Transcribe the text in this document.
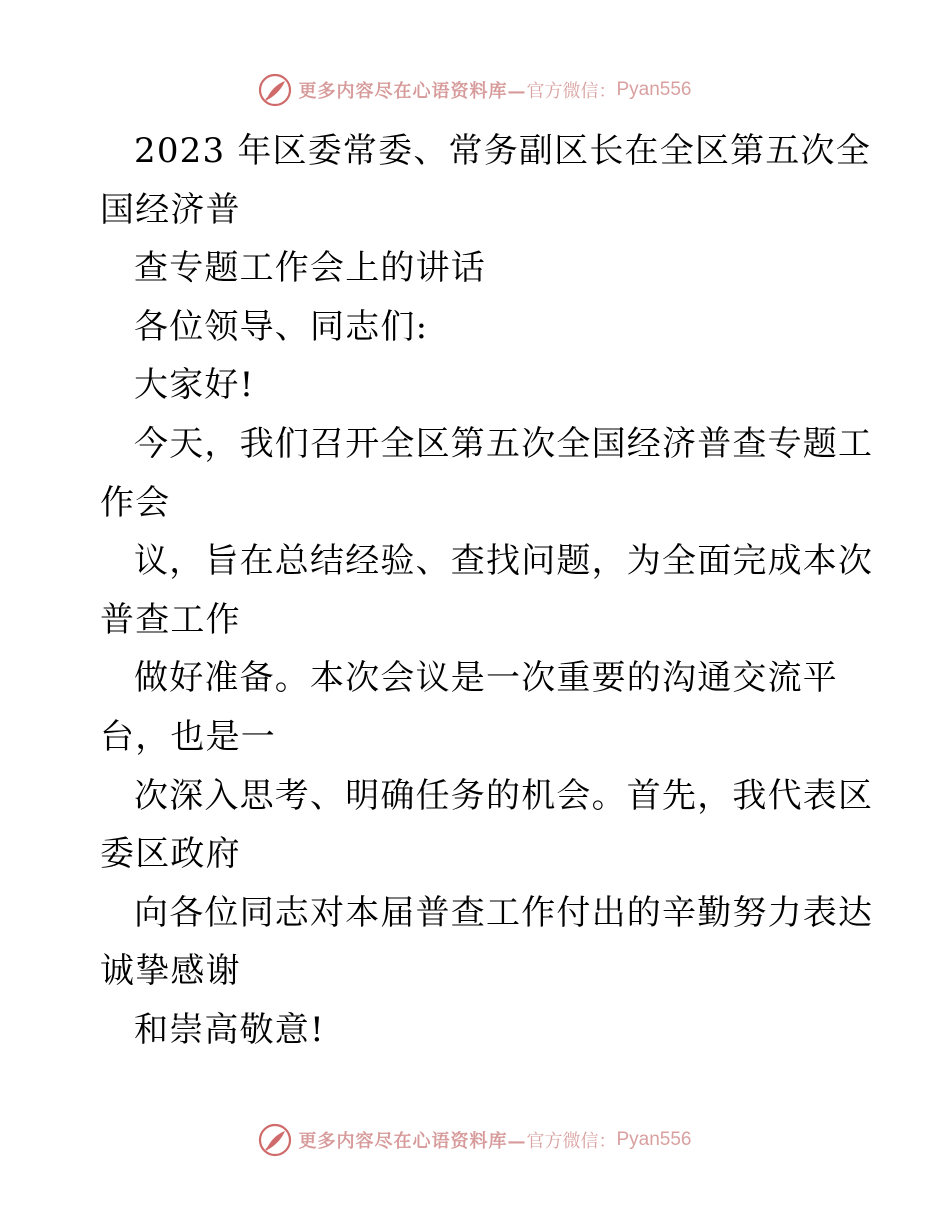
更多内容尽在心语资料库— 官方微信： Pyan556
2023 年区委常委、常务副区长在全区第五次全
国经济普
查专题工作会上的讲话
各位领导、同志们:
大家好!
今天，我们召开全区第五次全国经济普查专题工
作会
议，旨在总结经验、查找问题，为全面完成本次
普查工作
做好准备。本次会议是一次重要的沟通交流平
台，也是一
次深入思考、明确任务的机会。首先，我代表区
委区政府
向各位同志对本届普查工作付出的辛勤努力表达
诚挚感谢
和崇高敬意!
更多内容尽在心语资料库— 官方微信： Pyan556
